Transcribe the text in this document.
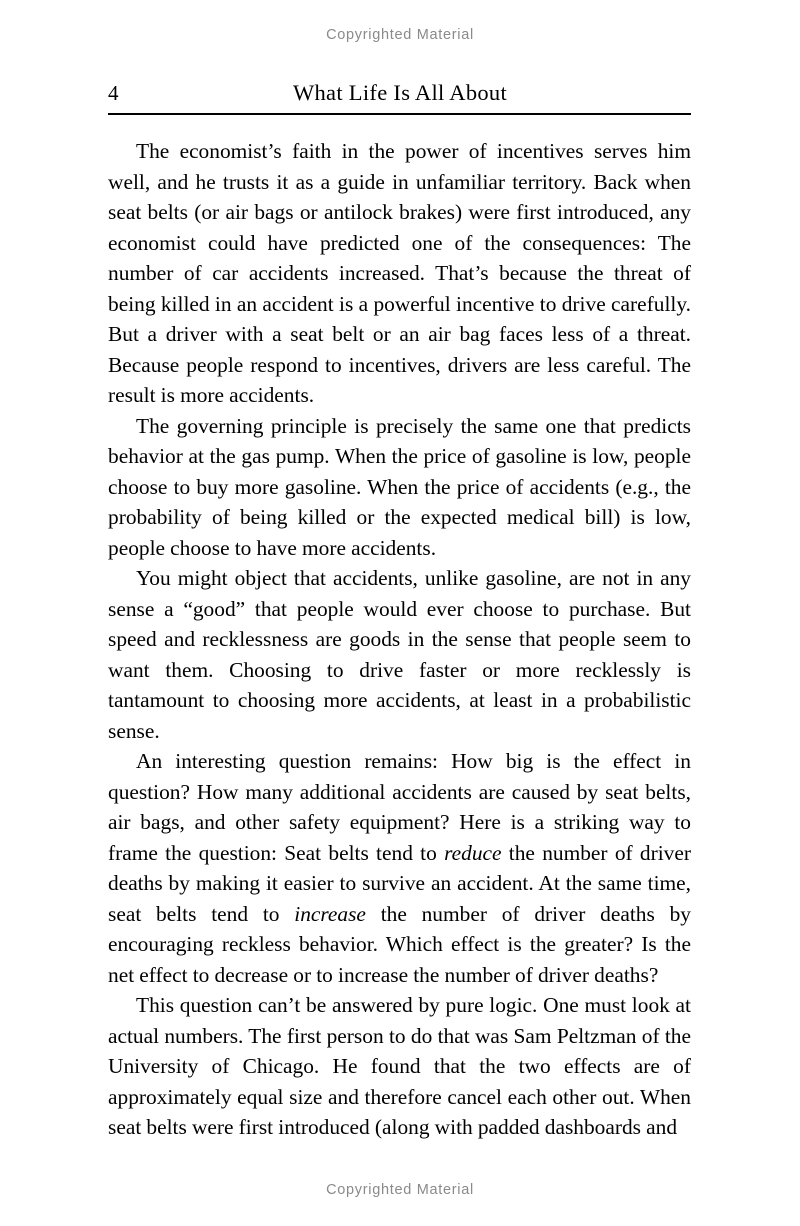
Copyrighted Material
4	What Life Is All About

The economist’s faith in the power of incentives serves him well, and he trusts it as a guide in unfamiliar territory. Back when seat belts (or air bags or antilock brakes) were first introduced, any economist could have predicted one of the consequences: The number of car accidents increased. That’s because the threat of being killed in an accident is a powerful incentive to drive carefully. But a driver with a seat belt or an air bag faces less of a threat. Because people respond to incentives, drivers are less careful. The result is more accidents.

The governing principle is precisely the same one that predicts behavior at the gas pump. When the price of gasoline is low, people choose to buy more gasoline. When the price of accidents (e.g., the probability of being killed or the expected medical bill) is low, people choose to have more accidents.

You might object that accidents, unlike gasoline, are not in any sense a “good” that people would ever choose to purchase. But speed and recklessness are goods in the sense that people seem to want them. Choosing to drive faster or more recklessly is tantamount to choosing more accidents, at least in a probabilistic sense.

An interesting question remains: How big is the effect in question? How many additional accidents are caused by seat belts, air bags, and other safety equipment? Here is a striking way to frame the question: Seat belts tend to reduce the number of driver deaths by making it easier to survive an accident. At the same time, seat belts tend to increase the number of driver deaths by encouraging reckless behavior. Which effect is the greater? Is the net effect to decrease or to increase the number of driver deaths?

This question can’t be answered by pure logic. One must look at actual numbers. The first person to do that was Sam Peltzman of the University of Chicago. He found that the two effects are of approximately equal size and therefore cancel each other out. When seat belts were first introduced (along with padded dashboards and

Copyrighted Material
